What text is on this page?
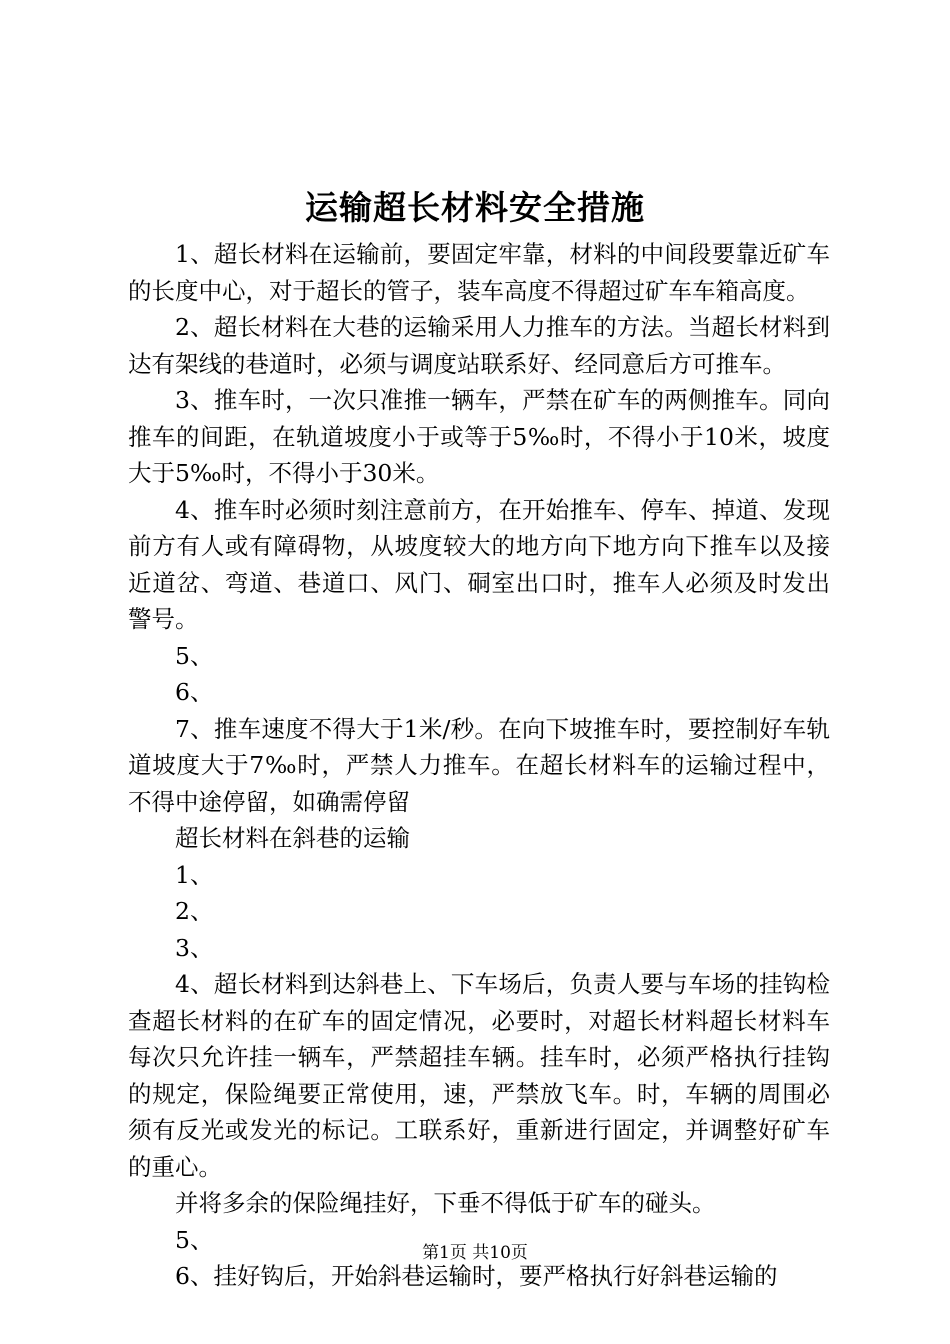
运输超长材料安全措施

1、超长材料在运输前，要固定牢靠，材料的中间段要靠近矿车的长度中心，对于超长的管子，装车高度不得超过矿车车箱高度。

2、超长材料在大巷的运输采用人力推车的方法。当超长材料到达有架线的巷道时，必须与调度站联系好、经同意后方可推车。

3、推车时，一次只准推一辆车，严禁在矿车的两侧推车。同向推车的间距，在轨道坡度小于或等于5‰时，不得小于10米，坡度大于5‰时，不得小于30米。

4、推车时必须时刻注意前方，在开始推车、停车、掉道、发现前方有人或有障碍物，从坡度较大的地方向下地方向下推车以及接近道岔、弯道、巷道口、风门、硐室出口时，推车人必须及时发出警号。

5、

6、

7、推车速度不得大于1米/秒。在向下坡推车时，要控制好车轨道坡度大于7‰时，严禁人力推车。在超长材料车的运输过程中，不得中途停留，如确需停留

超长材料在斜巷的运输

1、

2、

3、

4、超长材料到达斜巷上、下车场后，负责人要与车场的挂钩检查超长材料的在矿车的固定情况，必要时，对超长材料超长材料车每次只允许挂一辆车，严禁超挂车辆。挂车时，必须严格执行挂钩的规定，保险绳要正常使用，速，严禁放飞车。时，车辆的周围必须有反光或发光的标记。工联系好，重新进行固定，并调整好矿车的重心。

并将多余的保险绳挂好，下垂不得低于矿车的碰头。

5、

6、挂好钩后，开始斜巷运输时，要严格执行好斜巷运输的

第1页 共10页
